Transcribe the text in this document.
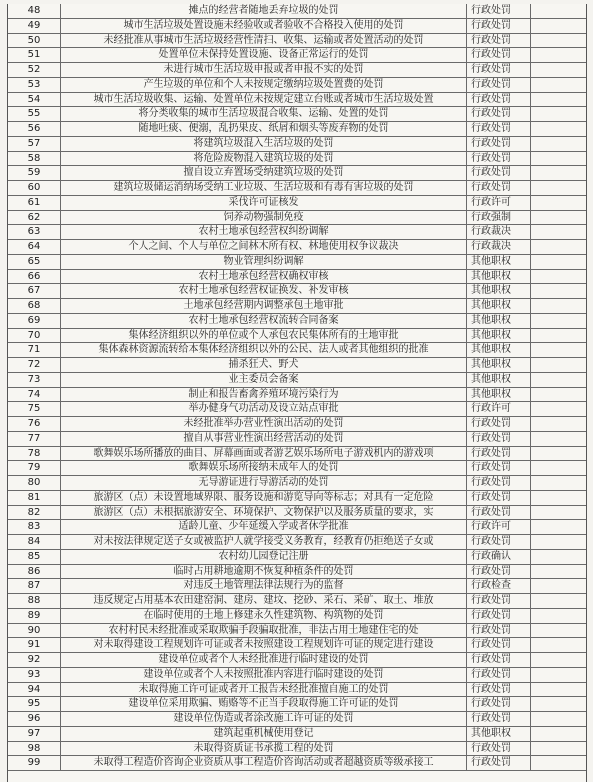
48	摊点的经营者随地丢弃垃圾的处罚	行政处罚
49	城市生活垃圾处置设施未经验收或者验收不合格投入使用的处罚	行政处罚
50	未经批准从事城市生活垃圾经营性清扫、收集、运输或者处置活动的处罚	行政处罚
51	处置单位未保持处置设施、设备正常运行的处罚	行政处罚
52	未进行城市生活垃圾申报或者申报不实的处罚	行政处罚
53	产生垃圾的单位和个人未按规定缴纳垃圾处置费的处罚	行政处罚
54	城市生活垃圾收集、运输、处置单位未按规定建立台账或者城市生活垃圾处置	行政处罚
55	将分类收集的城市生活垃圾混合收集、运输、处置的处罚	行政处罚
56	随地吐痰、便溺，乱扔果皮、纸屑和烟头等废弃物的处罚	行政处罚
57	将建筑垃圾混入生活垃圾的处罚	行政处罚
58	将危险废物混入建筑垃圾的处罚	行政处罚
59	擅自设立弃置场受纳建筑垃圾的处罚	行政处罚
60	建筑垃圾储运消纳场受纳工业垃圾、生活垃圾和有毒有害垃圾的处罚	行政处罚
61	采伐许可证核发	行政许可
62	饲养动物强制免疫	行政强制
63	农村土地承包经营权纠纷调解	行政裁决
64	个人之间、个人与单位之间林木所有权、林地使用权争议裁决	行政裁决
65	物业管理纠纷调解	其他职权
66	农村土地承包经营权确权审核	其他职权
67	农村土地承包经营权证换发、补发审核	其他职权
68	土地承包经营期内调整承包土地审批	其他职权
69	农村土地承包经营权流转合同备案	其他职权
70	集体经济组织以外的单位或个人承包农民集体所有的土地审批	其他职权
71	集体森林资源流转给本集体经济组织以外的公民、法人或者其他组织的批准	其他职权
72	捕杀狂犬、野犬	其他职权
73	业主委员会备案	其他职权
74	制止和报告畜禽养殖环境污染行为	其他职权
75	举办健身气功活动及设立站点审批	行政许可
76	未经批准举办营业性演出活动的处罚	行政处罚
77	擅自从事营业性演出经营活动的处罚	行政处罚
78	歌舞娱乐场所播放的曲目、屏幕画面或者游艺娱乐场所电子游戏机内的游戏项	行政处罚
79	歌舞娱乐场所接纳未成年人的处罚	行政处罚
80	无导游证进行导游活动的处罚	行政处罚
81	旅游区（点）未设置地域界限、服务设施和游览导向等标志；对具有一定危险	行政处罚
82	旅游区（点）未根据旅游安全、环境保护、文物保护以及服务质量的要求，实	行政处罚
83	适龄儿童、少年延缓入学或者休学批准	行政许可
84	对未按法律规定送子女或被监护人就学接受义务教育，经教育仍拒绝送子女或	行政处罚
85	农村幼儿园登记注册	行政确认
86	临时占用耕地逾期不恢复种植条件的处罚	行政处罚
87	对违反土地管理法律法规行为的监督	行政检查
88	违反规定占用基本农田建窑洞、建房、建坟、挖砂、采石、采矿、取土、堆放	行政处罚
89	在临时使用的土地上修建永久性建筑物、构筑物的处罚	行政处罚
90	农村村民未经批准或采取欺骗手段骗取批准，非法占用土地建住宅的处	行政处罚
91	对未取得建设工程规划许可证或者未按照建设工程规划许可证的规定进行建设	行政处罚
92	建设单位或者个人未经批准进行临时建设的处罚	行政处罚
93	建设单位或者个人未按照批准内容进行临时建设的处罚	行政处罚
94	未取得施工许可证或者开工报告未经批准擅自施工的处罚	行政处罚
95	建设单位采用欺骗、贿赂等不正当手段取得施工许可证的处罚	行政处罚
96	建设单位伪造或者涂改施工许可证的处罚	行政处罚
97	建筑起重机械使用登记	其他职权
98	未取得资质证书承揽工程的处罚	行政处罚
99	未取得工程造价咨询企业资质从事工程造价咨询活动或者超越资质等级承接工	行政处罚
